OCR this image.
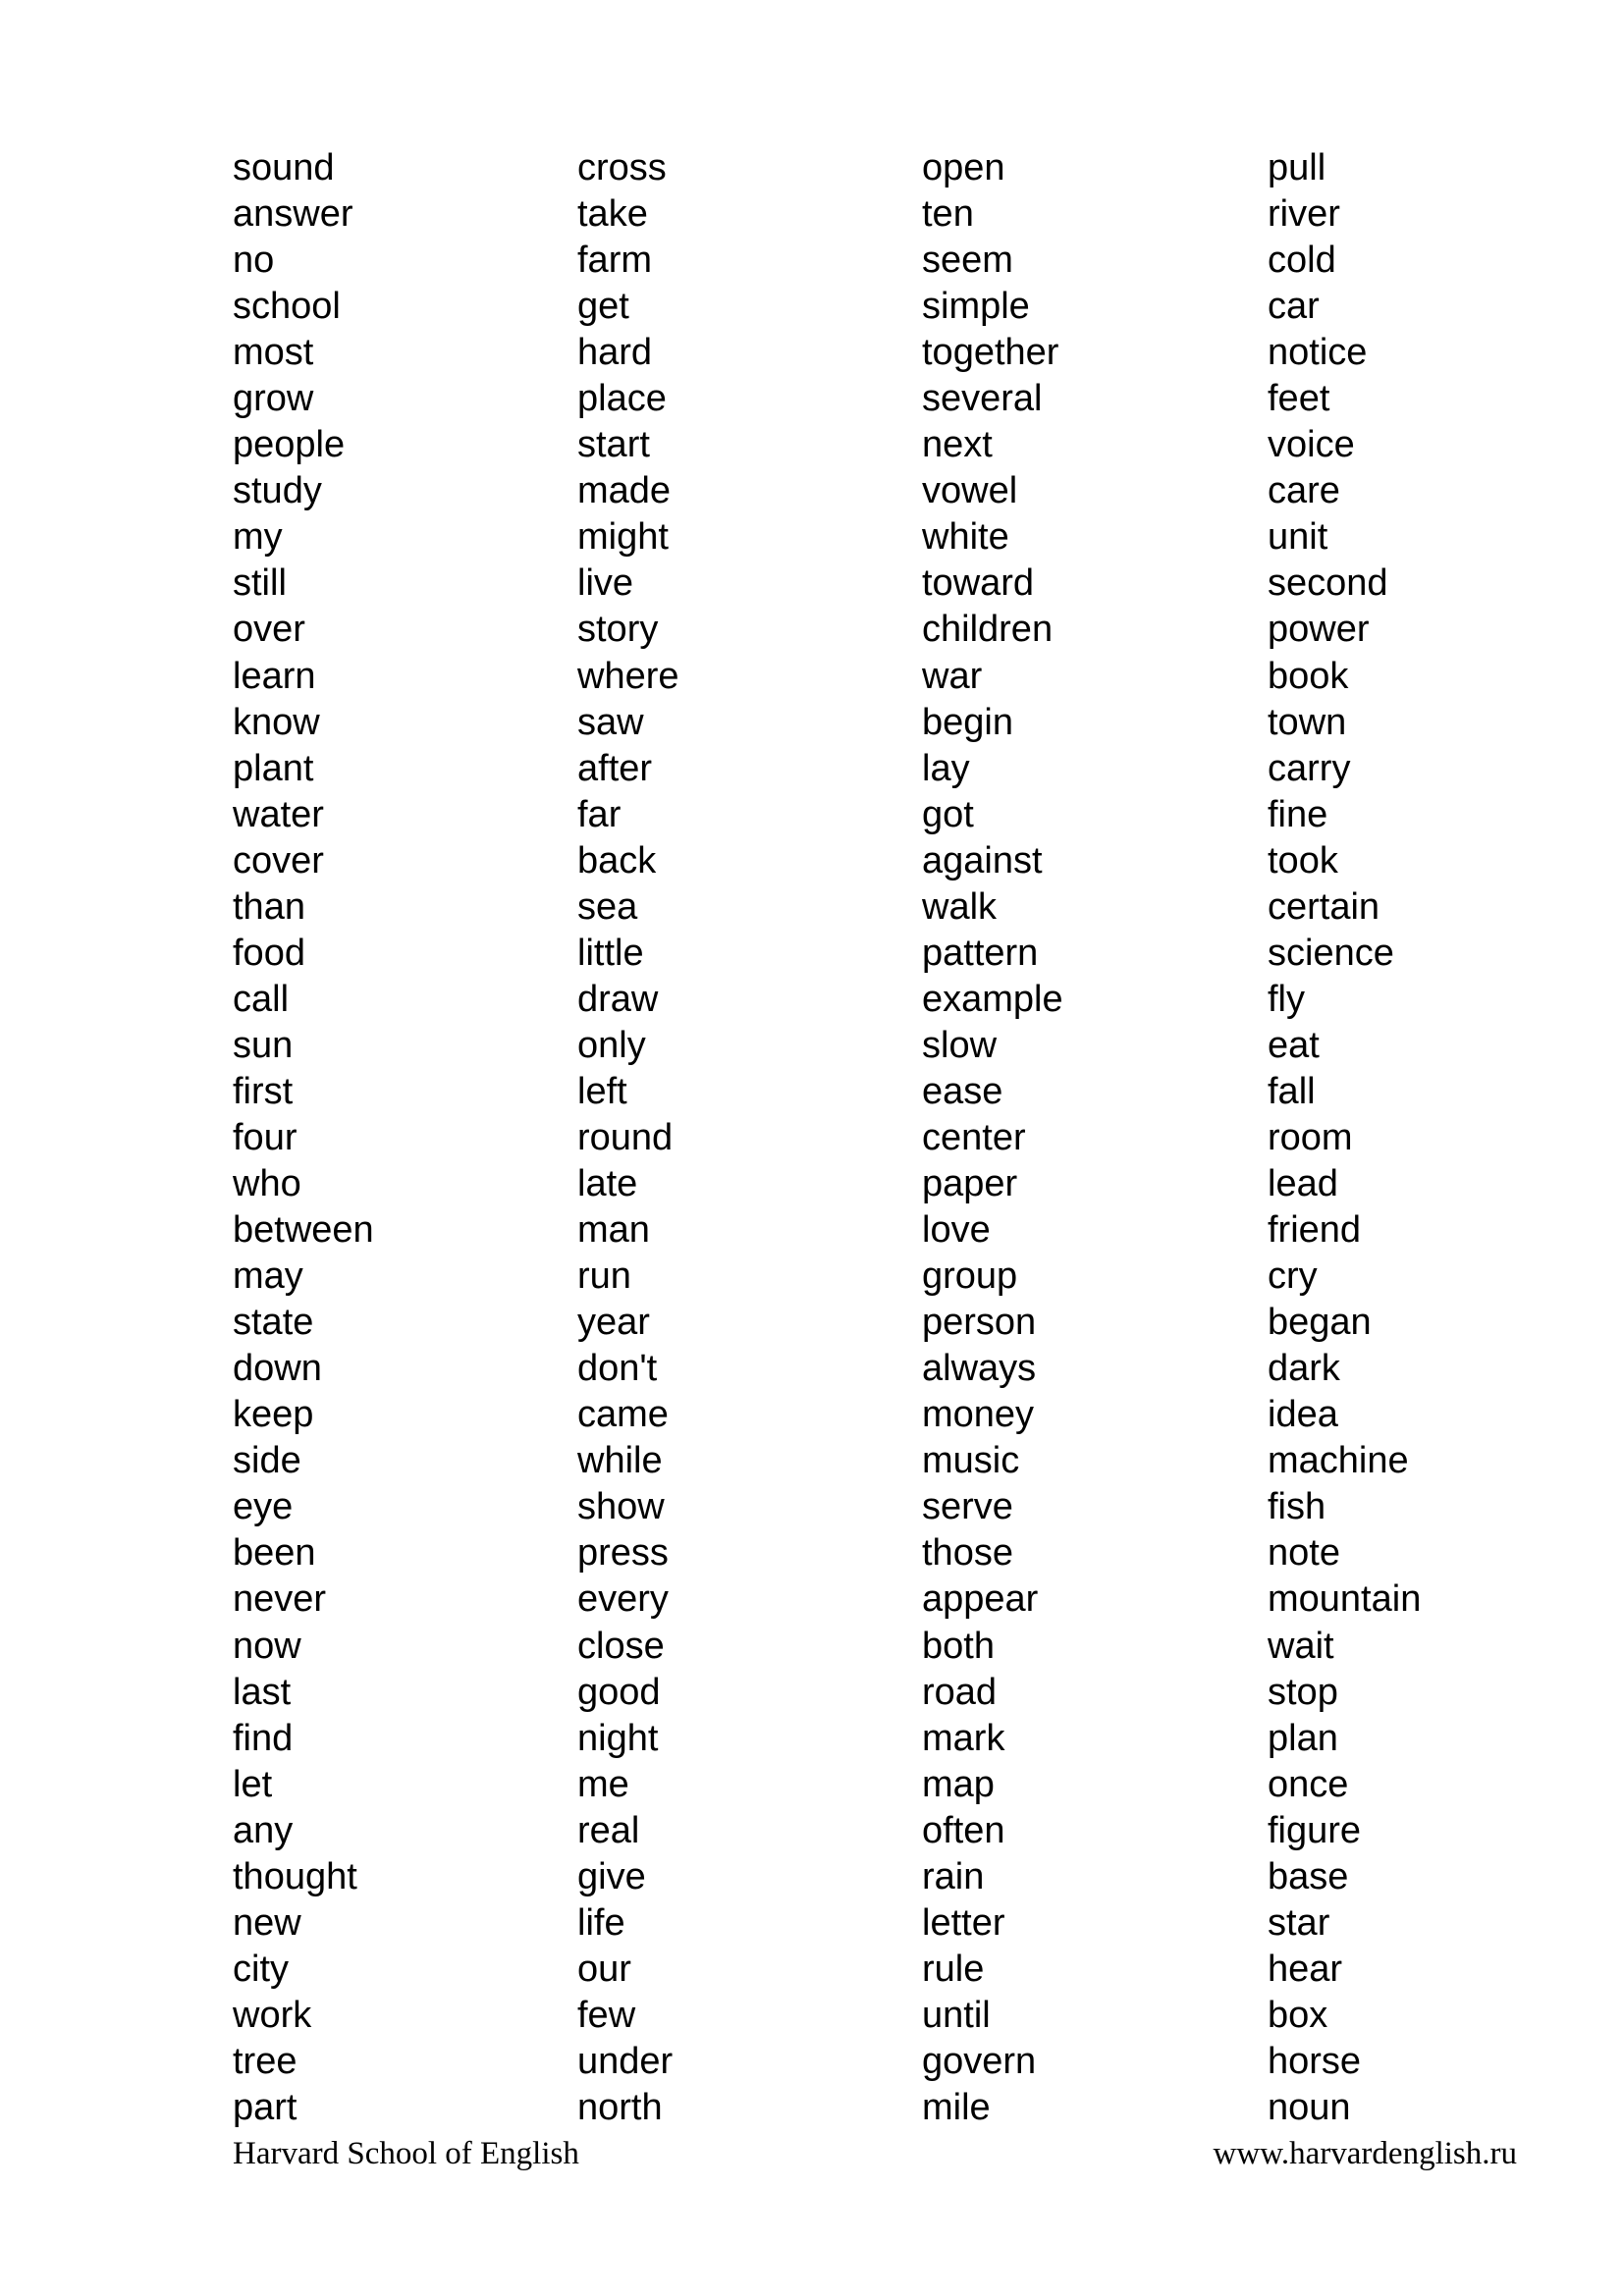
sound
answer
no
school
most
grow
people
study
my
still
over
learn
know
plant
water
cover
than
food
call
sun
first
four
who
between
may
state
down
keep
side
eye
been
never
now
last
find
let
any
thought
new
city
work
tree
part
cross
take
farm
get
hard
place
start
made
might
live
story
where
saw
after
far
back
sea
little
draw
only
left
round
late
man
run
year
don't
came
while
show
press
every
close
good
night
me
real
give
life
our
few
under
north
open
ten
seem
simple
together
several
next
vowel
white
toward
children
war
begin
lay
got
against
walk
pattern
example
slow
ease
center
paper
love
group
person
always
money
music
serve
those
appear
both
road
mark
map
often
rain
letter
rule
until
govern
mile
pull
river
cold
car
notice
feet
voice
care
unit
second
power
book
town
carry
fine
took
certain
science
fly
eat
fall
room
lead
friend
cry
began
dark
idea
machine
fish
note
mountain
wait
stop
plan
once
figure
base
star
hear
box
horse
noun
Harvard School of English	www.harvardenglish.ru
